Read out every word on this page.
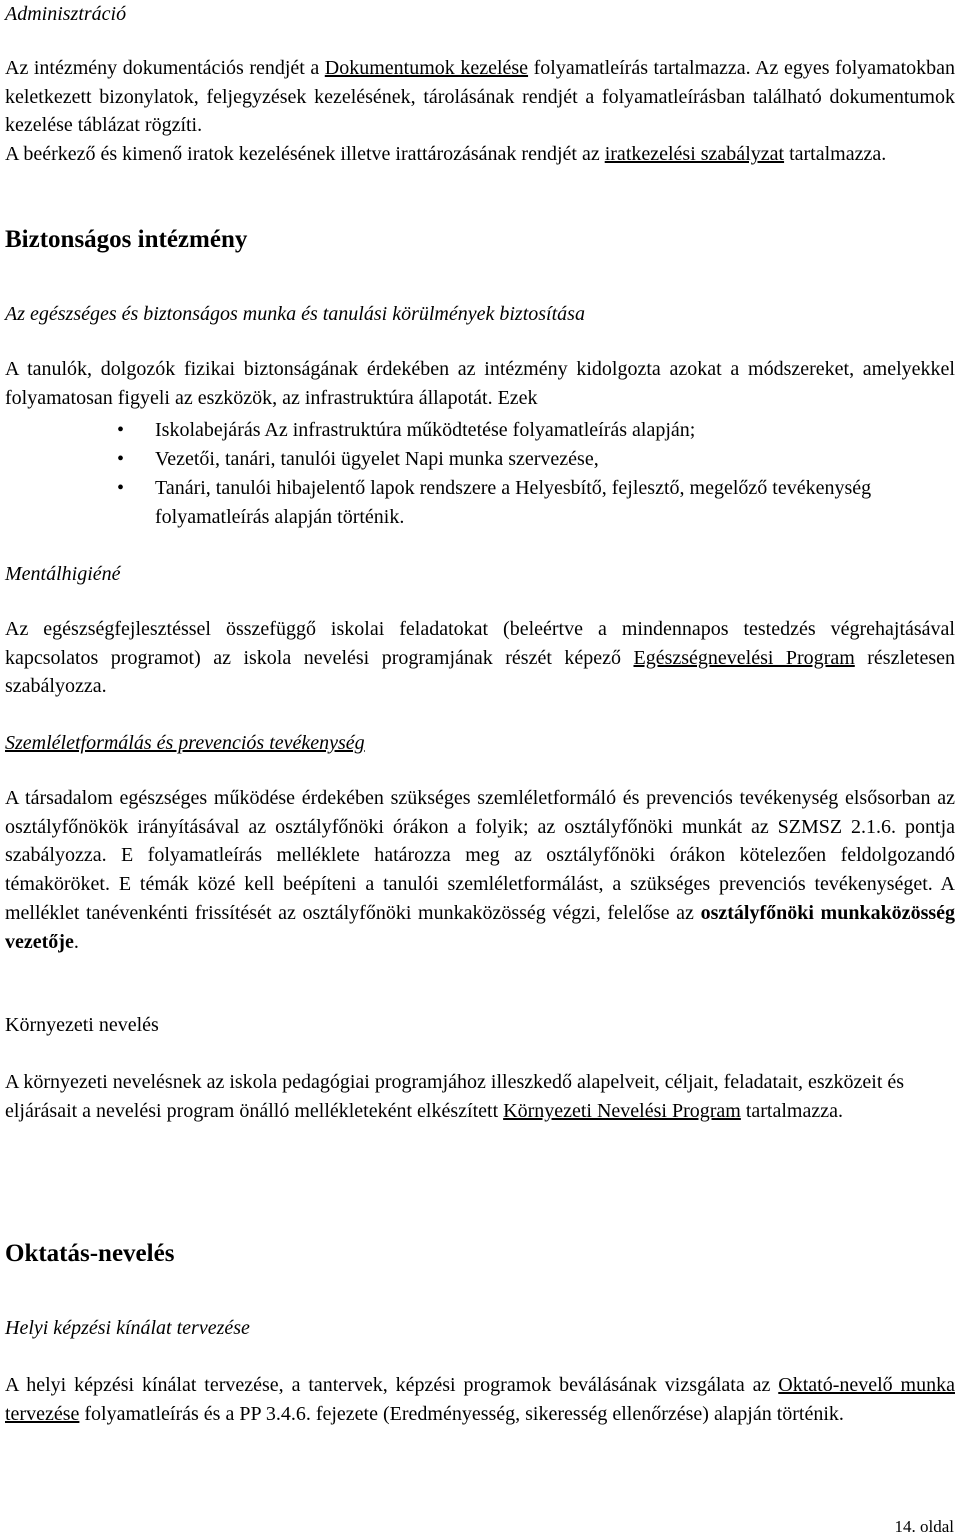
Adminisztráció

Az intézmény dokumentációs rendjét a Dokumentumok kezelése folyamatleírás tartalmazza. Az egyes folyamatokban keletkezett bizonylatok, feljegyzések kezelésének, tárolásának rendjét a folyamatleírásban található dokumentumok kezelése táblázat rögzíti.

A beérkező és kimenő iratok kezelésének illetve irattározásának rendjét az iratkezelési szabályzat tartalmazza.

Biztonságos intézmény
Az egészséges és biztonságos munka és tanulási körülmények biztosítása

A tanulók, dolgozók fizikai biztonságának érdekében az intézmény kidolgozta azokat a módszereket, amelyekkel folyamatosan figyeli az eszközök, az infrastruktúra állapotát. Ezek

• Iskolabejárás Az infrastruktúra működtetése folyamatleírás alapján;
• Vezetői, tanári, tanulói ügyelet Napi munka szervezése,
• Tanári, tanulói hibajelentő lapok rendszere a Helyesbítő, fejlesztő, megelőző tevékenység folyamatleírás alapján történik.
Mentálhigiéné

Az egészségfejlesztéssel összefüggő iskolai feladatokat (beleértve a mindennapos testedzés végrehajtásával kapcsolatos programot) az iskola nevelési programjának részét képező Egészségnevelési Program részletesen szabályozza.

Szemléletformálás és prevenciós tevékenység

A társadalom egészséges működése érdekében szükséges szemléletformáló és prevenciós tevékenység elsősorban az osztályfőnökök irányításával az osztályfőnöki órákon a folyik; az osztályfőnöki munkát az SZMSZ 2.1.6. pontja szabályozza. E folyamatleírás melléklete határozza meg az osztályfőnöki órákon kötelezően feldolgozandó témaköröket. E témák közé kell beépíteni a tanulói szemléletformálást, a szükséges prevenciós tevékenységet. A melléklet tanévenkénti frissítését az osztályfőnöki munkaközösség végzi, felelőse az osztályfőnöki munkaközösség vezetője.

Környezeti nevelés

A környezeti nevelésnek az iskola pedagógiai programjához illeszkedő alapelveit, céljait, feladatait, eszközeit és eljárásait a nevelési program önálló mellékleteként elkészített Környezeti Nevelési Program tartalmazza.

Oktatás-nevelés
Helyi képzési kínálat tervezése

A helyi képzési kínálat tervezése, a tantervek, képzési programok beválásának vizsgálata az Oktató-nevelő munka tervezése folyamatleírás és a PP 3.4.6. fejezete (Eredményesség, sikeresség ellenőrzése) alapján történik.

14. oldal
